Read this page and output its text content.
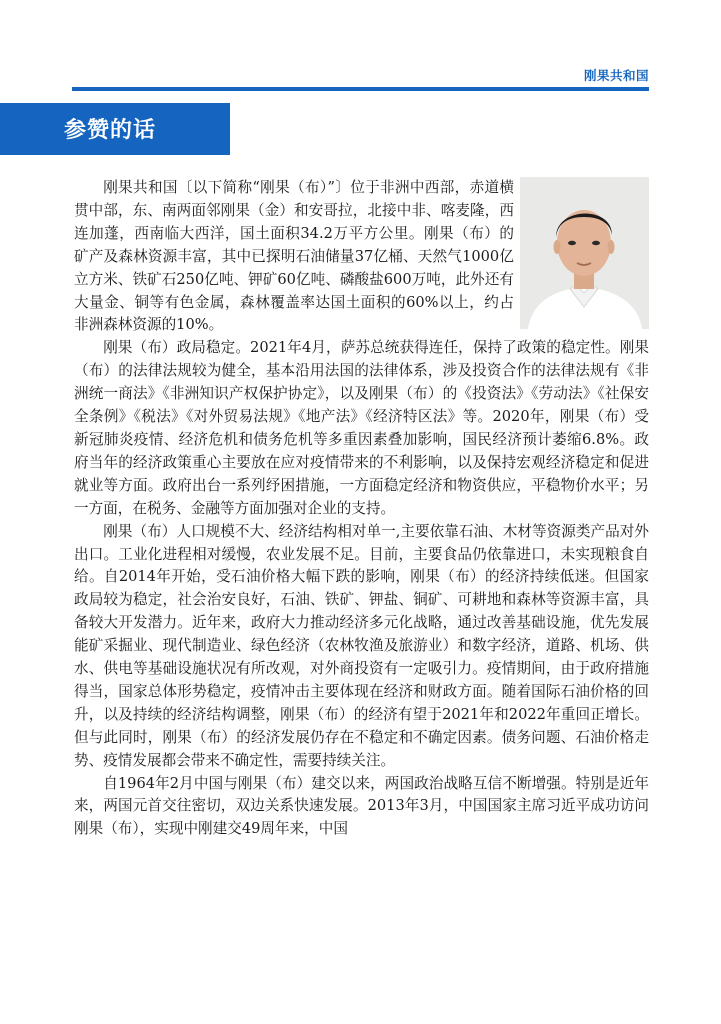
刚果共和国
参赞的话

刚果共和国〔以下简称“刚果（布）”〕位于非洲中西部，赤道横贯中部，东、南两面邻刚果（金）和安哥拉，北接中非、喀麦隆，西连加蓬，西南临大西洋，国土面积34.2万平方公里。刚果（布）的矿产及森林资源丰富，其中已探明石油储量37亿桶、天然气1000亿立方米、铁矿石250亿吨、钾矿60亿吨、磷酸盐600万吨，此外还有大量金、铜等有色金属，森林覆盖率达国土面积的60%以上，约占非洲森林资源的10%。

刚果（布）政局稳定。2021年4月，萨苏总统获得连任，保持了政策的稳定性。刚果（布）的法律法规较为健全，基本沿用法国的法律体系，涉及投资合作的法律法规有《非洲统一商法》《非洲知识产权保护协定》，以及刚果（布）的《投资法》《劳动法》《社保安全条例》《税法》《对外贸易法规》《地产法》《经济特区法》等。2020年，刚果（布）受新冠肺炎疫情、经济危机和债务危机等多重因素叠加影响，国民经济预计萎缩6.8%。政府当年的经济政策重心主要放在应对疫情带来的不利影响，以及保持宏观经济稳定和促进就业等方面。政府出台一系列纾困措施，一方面稳定经济和物资供应，平稳物价水平；另一方面，在税务、金融等方面加强对企业的支持。

刚果（布）人口规模不大、经济结构相对单一,主要依靠石油、木材等资源类产品对外出口。工业化进程相对缓慢，农业发展不足。目前，主要食品仍依靠进口，未实现粮食自给。自2014年开始，受石油价格大幅下跌的影响，刚果（布）的经济持续低迷。但国家政局较为稳定，社会治安良好，石油、铁矿、钾盐、铜矿、可耕地和森林等资源丰富，具备较大开发潜力。近年来，政府大力推动经济多元化战略，通过改善基础设施，优先发展能矿采掘业、现代制造业、绿色经济（农林牧渔及旅游业）和数字经济，道路、机场、供水、供电等基础设施状况有所改观，对外商投资有一定吸引力。疫情期间，由于政府措施得当，国家总体形势稳定，疫情冲击主要体现在经济和财政方面。随着国际石油价格的回升，以及持续的经济结构调整，刚果（布）的经济有望于2021年和2022年重回正增长。但与此同时，刚果（布）的经济发展仍存在不稳定和不确定因素。债务问题、石油价格走势、疫情发展都会带来不确定性，需要持续关注。

自1964年2月中国与刚果（布）建交以来，两国政治战略互信不断增强。特别是近年来，两国元首交往密切，双边关系快速发展。2013年3月，中国国家主席习近平成功访问刚果（布），实现中刚建交49周年来，中国
